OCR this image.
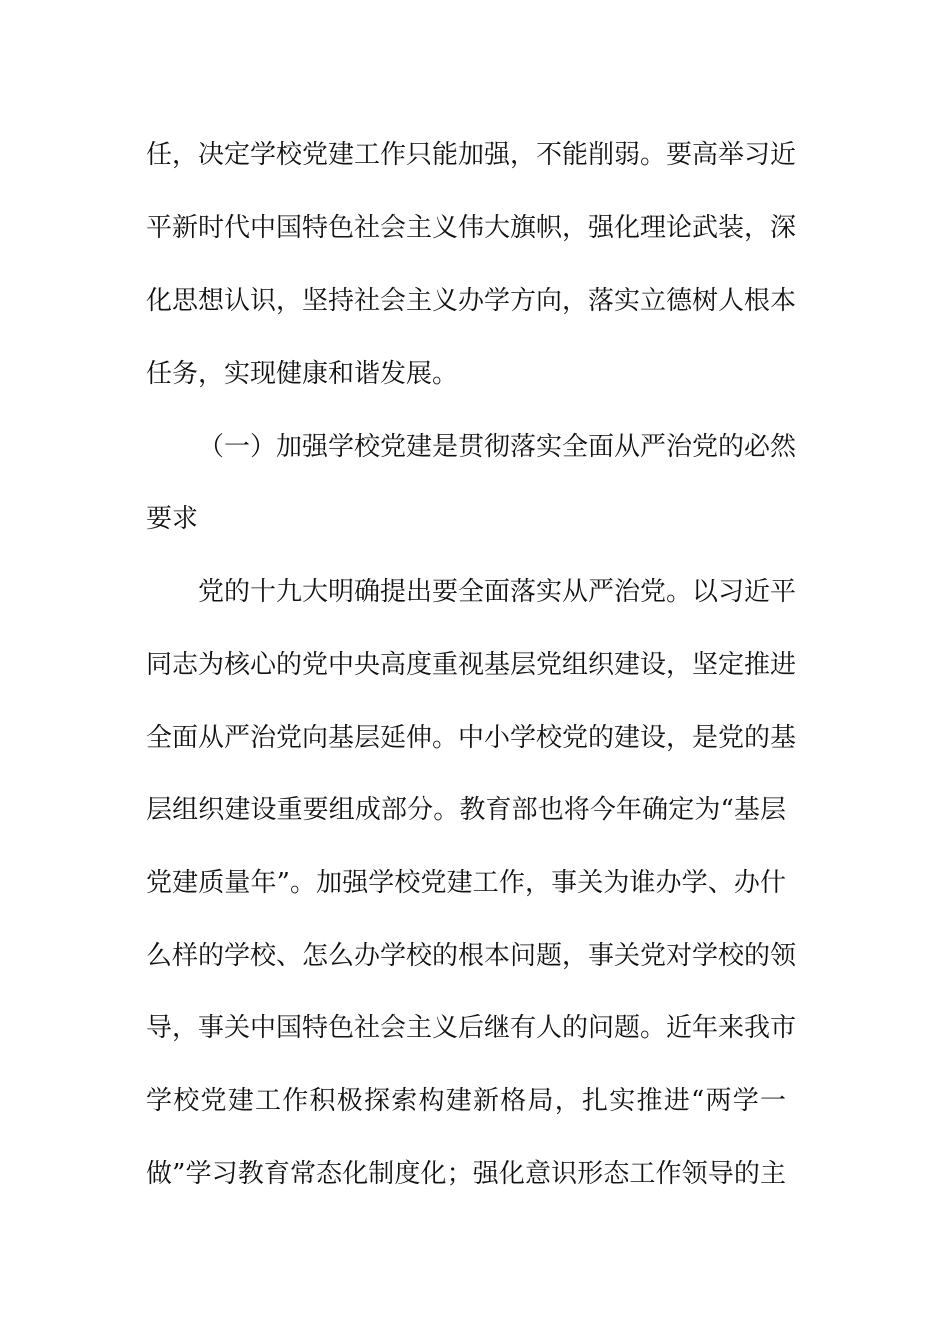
任，决定学校党建工作只能加强，不能削弱。要高举习近
平新时代中国特色社会主义伟大旗帜，强化理论武装，深
化思想认识，坚持社会主义办学方向，落实立德树人根本
任务，实现健康和谐发展。
（一）加强学校党建是贯彻落实全面从严治党的必然
要求
党的十九大明确提出要全面落实从严治党。以习近平
同志为核心的党中央高度重视基层党组织建设，坚定推进
全面从严治党向基层延伸。中小学校党的建设，是党的基
层组织建设重要组成部分。教育部也将今年确定为“基层
党建质量年”。加强学校党建工作，事关为谁办学、办什
么样的学校、怎么办学校的根本问题，事关党对学校的领
导，事关中国特色社会主义后继有人的问题。近年来我市
学校党建工作积极探索构建新格局，扎实推进“两学一
做”学习教育常态化制度化；强化意识形态工作领导的主
